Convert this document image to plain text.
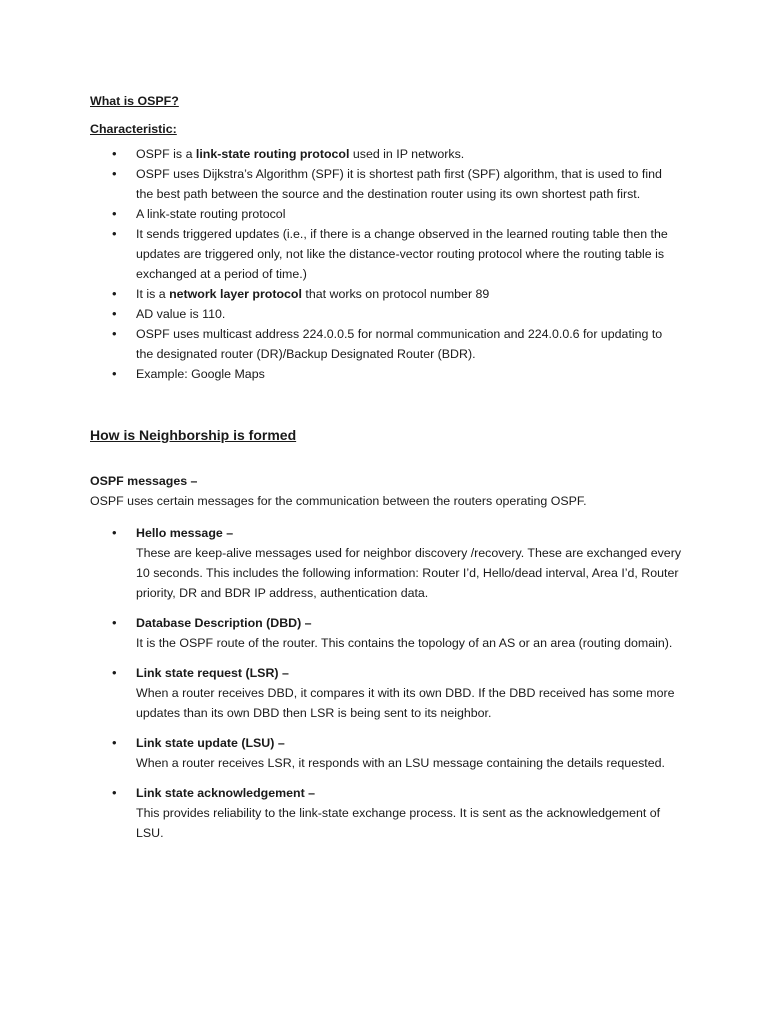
What is OSPF?

Characteristic:

• OSPF is a link-state routing protocol used in IP networks.
• OSPF uses Dijkstra’s Algorithm (SPF) it is shortest path first (SPF) algorithm, that is used to find the best path between the source and the destination router using its own shortest path first.
• A link-state routing protocol
• It sends triggered updates (i.e., if there is a change observed in the learned routing table then the updates are triggered only, not like the distance-vector routing protocol where the routing table is exchanged at a period of time.)
• It is a network layer protocol that works on protocol number 89
• AD value is 110.
• OSPF uses multicast address 224.0.0.5 for normal communication and 224.0.0.6 for updating to the designated router (DR)/Backup Designated Router (BDR).
• Example: Google Maps

How is Neighborship is formed

OSPF messages –

OSPF uses certain messages for the communication between the routers operating OSPF.

• Hello message –
These are keep-alive messages used for neighbor discovery /recovery. These are exchanged every 10 seconds. This includes the following information: Router I’d, Hello/dead interval, Area I’d, Router priority, DR and BDR IP address, authentication data.
• Database Description (DBD) –
It is the OSPF route of the router. This contains the topology of an AS or an area (routing domain).
• Link state request (LSR) –
When a router receives DBD, it compares it with its own DBD. If the DBD received has some more updates than its own DBD then LSR is being sent to its neighbor.
• Link state update (LSU) –
When a router receives LSR, it responds with an LSU message containing the details requested.
• Link state acknowledgement –
This provides reliability to the link-state exchange process. It is sent as the acknowledgement of LSU.
